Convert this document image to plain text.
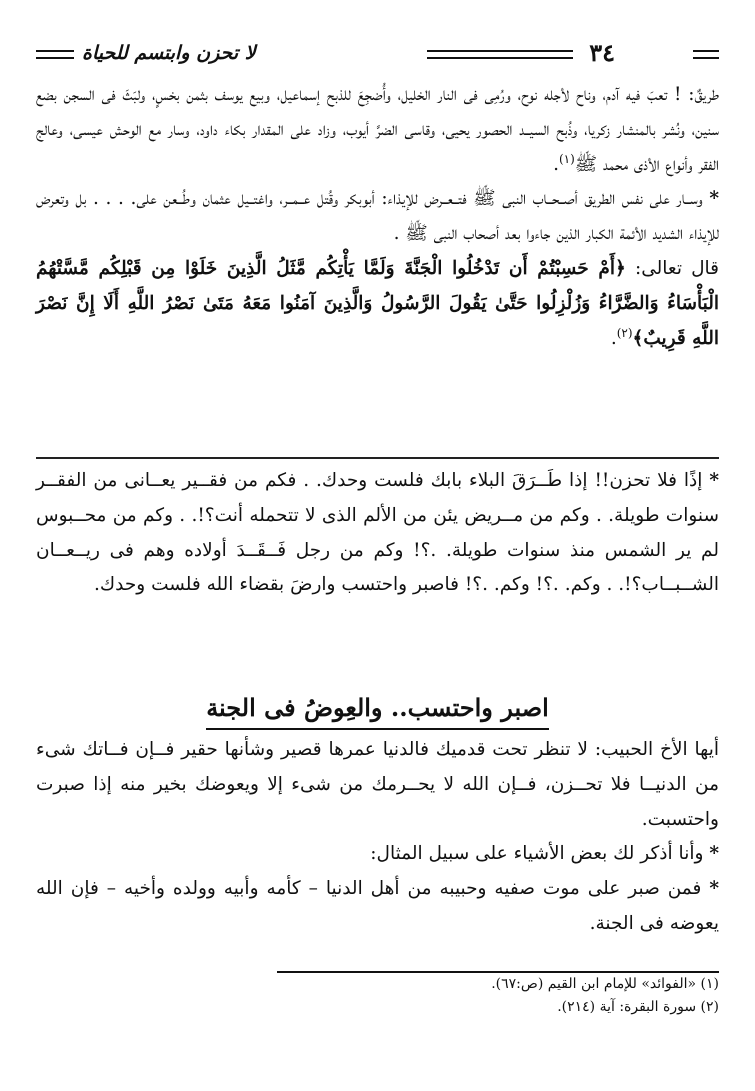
٣٤
لا تحزن وابتسم للحياة

طريقٌ: ! تعبَ فيه آدم، وناح لأجله نوح، ورُمِى فى النار الخليل، وأُضجِعَ للذبح إسماعيل، وبيع يوسف بثمن بخسٍ، ولبَثَ فى السجن بضع سنين، ونُشر بالمنشار زكريا، وذُبح السيــد الحصور يحيى، وقاسى الضرَّ أيوب، وزاد على المقدار بكاء داود، وسار مع الوحش عيسى، وعالج الفقر وأنواع الأذى محمد ﷺ$^{(١)}$.

* وســار على نفس الطريق أصــحــاب النبى ﷺ فتــعــرض للإيذاء: أبوبكر وقُتل عــمــر، واغتــيل عثمان وطُــعن على. . . . بل وتعرض للإيذاء الشديد الأئمة الكبار الذين جاءوا بعد أصحاب النبى ﷺ .

قال تعالى: ﴿أَمْ حَسِبْتُمْ أَن تَدْخُلُوا الْجَنَّةَ وَلَمَّا يَأْتِكُم مَّثَلُ الَّذِينَ خَلَوْا مِن قَبْلِكُم مَّسَّتْهُمُ الْبَأْسَاءُ وَالضَّرَّاءُ وَزُلْزِلُوا حَتَّىٰ يَقُولَ الرَّسُولُ وَالَّذِينَ آمَنُوا مَعَهُ مَتَىٰ نَصْرُ اللَّهِ أَلَا إِنَّ نَصْرَ اللَّهِ قَرِيبٌ﴾$^{(٢)}$.

* إذًا فلا تحزن!! إذا طَــرَقَ البلاء بابك فلست وحدك. . فكم من فقــير يعــانى من الفقــر سنوات طويلة. . وكم من مــريض يئن من الألم الذى لا تتحمله أنت؟!. . وكم من محــبوس لم ير الشمس منذ سنوات طويلة. .؟! وكم من رجل فَــقَــدَ أولاده وهم فى ريــعــان الشــبــاب؟!. . وكم. .؟! وكم. .؟! فاصبر واحتسب وارضَ بقضاء الله فلست وحدك.

اصبر واحتسب.. والعِوضُ فى الجنة

أيها الأخ الحبيب: لا تنظر تحت قدميك فالدنيا عمرها قصير وشأنها حقير فــإن فــاتك شىء من الدنيــا فلا تحــزن، فــإن الله لا يحــرمك من شىء إلا ويعوضك بخير منه إذا صبرت واحتسبت.

* وأنا أذكر لك بعض الأشياء على سبيل المثال:

* فمن صبر على موت صفيه وحبيبه من أهل الدنيا – كأمه وأبيه وولده وأخيه – فإن الله يعوضه فى الجنة.

(١) «الفوائد» للإمام ابن القيم (ص:٦٧).

(٢) سورة البقرة: آية (٢١٤).
